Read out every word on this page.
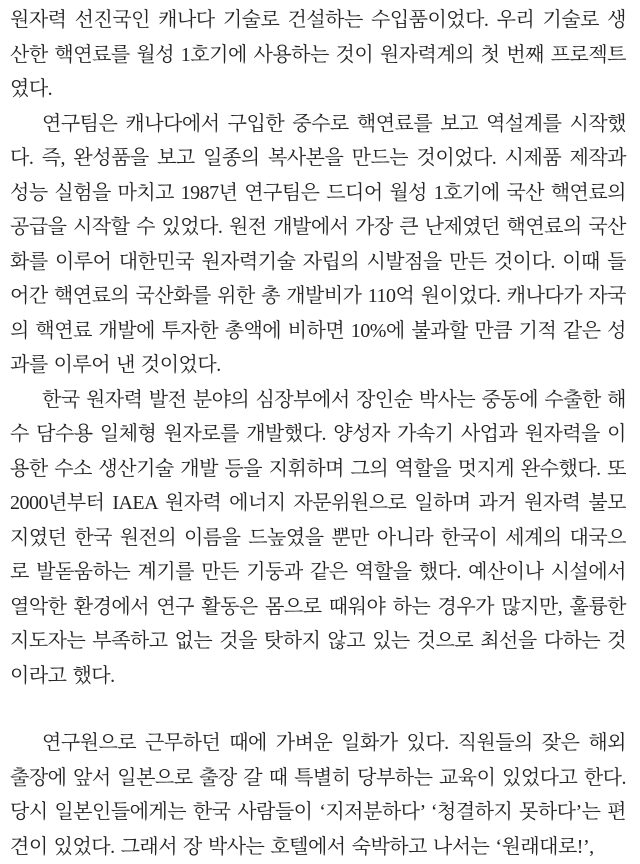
원자력 선진국인 캐나다 기술로 건설하는 수입품이었다. 우리 기술로 생산한 핵연료를 월성 1호기에 사용하는 것이 원자력계의 첫 번째 프로젝트였다.

연구팀은 캐나다에서 구입한 중수로 핵연료를 보고 역설계를 시작했다. 즉, 완성품을 보고 일종의 복사본을 만드는 것이었다. 시제품 제작과 성능 실험을 마치고 1987년 연구팀은 드디어 월성 1호기에 국산 핵연료의 공급을 시작할 수 있었다. 원전 개발에서 가장 큰 난제였던 핵연료의 국산화를 이루어 대한민국 원자력기술 자립의 시발점을 만든 것이다. 이때 들어간 핵연료의 국산화를 위한 총 개발비가 110억 원이었다. 캐나다가 자국의 핵연료 개발에 투자한 총액에 비하면 10%에 불과할 만큼 기적 같은 성과를 이루어 낸 것이었다.

한국 원자력 발전 분야의 심장부에서 장인순 박사는 중동에 수출한 해수 담수용 일체형 원자로를 개발했다. 양성자 가속기 사업과 원자력을 이용한 수소 생산기술 개발 등을 지휘하며 그의 역할을 멋지게 완수했다. 또 2000년부터 IAEA 원자력 에너지 자문위원으로 일하며 과거 원자력 불모지였던 한국 원전의 이름을 드높였을 뿐만 아니라 한국이 세계의 대국으로 발돋움하는 계기를 만든 기둥과 같은 역할을 했다. 예산이나 시설에서 열악한 환경에서 연구 활동은 몸으로 때워야 하는 경우가 많지만, 훌륭한 지도자는 부족하고 없는 것을 탓하지 않고 있는 것으로 최선을 다하는 것이라고 했다.

연구원으로 근무하던 때에 가벼운 일화가 있다. 직원들의 잦은 해외 출장에 앞서 일본으로 출장 갈 때 특별히 당부하는 교육이 있었다고 한다. 당시 일본인들에게는 한국 사람들이 ‘지저분하다’ ‘청결하지 못하다’는 편견이 있었다. 그래서 장 박사는 호텔에서 숙박하고 나서는 ‘원래대로!’,
